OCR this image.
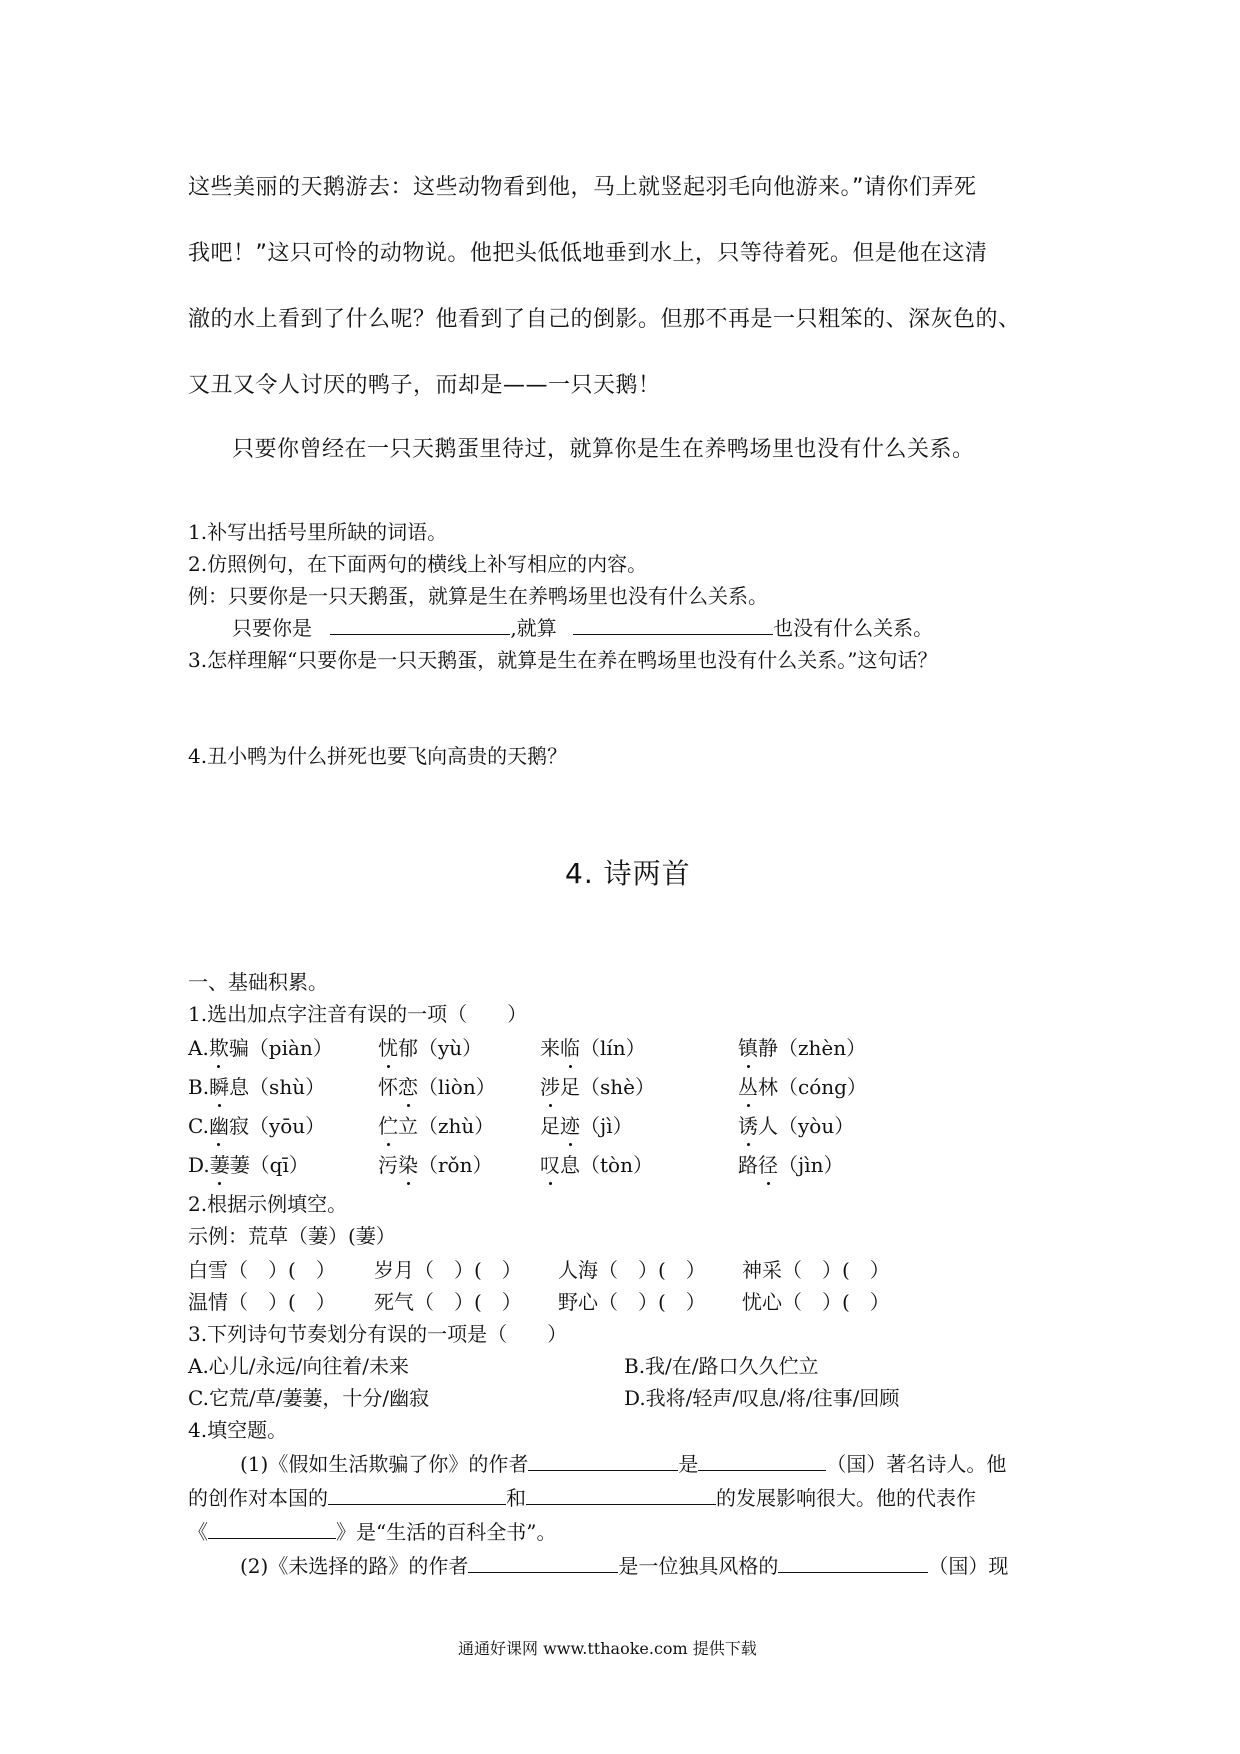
这些美丽的天鹅游去：这些动物看到他，马上就竖起羽毛向他游来。”请你们弄死
我吧！”这只可怜的动物说。他把头低低地垂到水上，只等待着死。但是他在这清
澈的水上看到了什么呢？他看到了自己的倒影。但那不再是一只粗笨的、深灰色的、
又丑又令人讨厌的鸭子，而却是——一只天鹅！
只要你曾经在一只天鹅蛋里待过，就算你是生在养鸭场里也没有什么关系。
1.补写出括号里所缺的词语。
2.仿照例句，在下面两句的横线上补写相应的内容。
例：只要你是一只天鹅蛋，就算是生在养鸭场里也没有什么关系。
只要你是	,就算	也没有什么关系。
3.怎样理解“只要你是一只天鹅蛋，就算是生在养在鸭场里也没有什么关系。”这句话？
4.丑小鸭为什么拼死也要飞向高贵的天鹅？
4. 诗两首
一、基础积累。
1.选出加点字注音有误的一项（　　）
A.欺骗（piàn） 忧郁（yù）	来临（lín）	镇静（zhèn）
B.瞬息（shù）	怀恋（liòn） 涉足（shè）	丛林（cóng）
C.幽寂（yōu）	伫立（zhù） 足迹（jì）	诱人（yòu）
D.萋萋（qī）	污染（rǒn） 叹息（tòn）	路径（jìn）
2.根据示例填空。
示例：荒草（萋）(萋）
白雪（　）(　） 岁月（　）(　） 人海（　）(　） 神采（　）(　）
温情（　）(　） 死气（　）(　） 野心（　）(　） 忧心（　）(　）
3.下列诗句节奏划分有误的一项是（　　）
A.心儿/永远/向往着/未来	B.我/在/路口久久伫立
C.它荒/草/萋萋，十分/幽寂	D.我将/轻声/叹息/将/往事/回顾
4.填空题。
(1)《假如生活欺骗了你》的作者	是	（国）著名诗人。他
的创作对本国的	和	的发展影响很大。他的代表作
《	》是“生活的百科全书”。
(2)《未选择的路》的作者	是一位独具风格的	（国）现
通通好课网 www.tthaoke.com 提供下载
